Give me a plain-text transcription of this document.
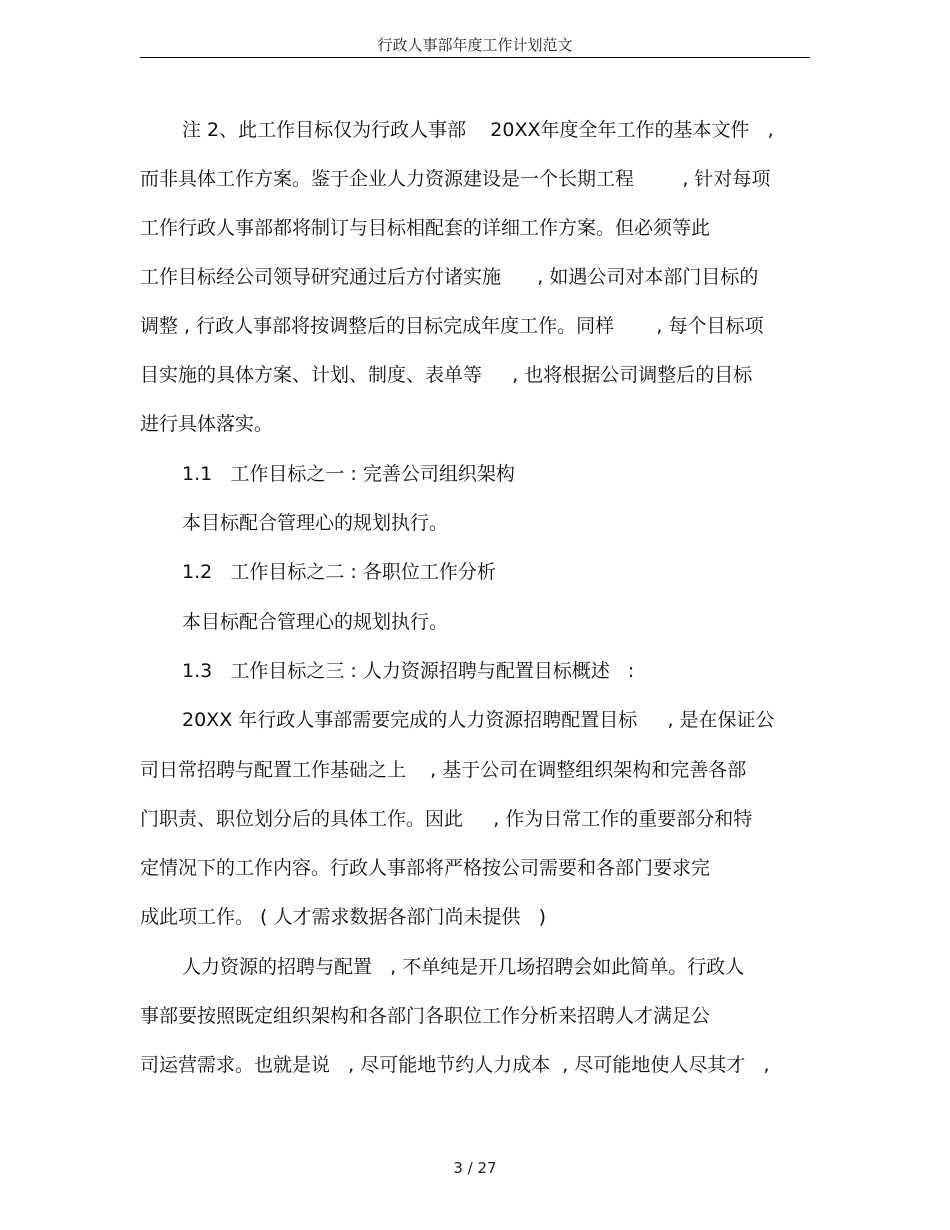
行政人事部年度工作计划范文
注 2、此工作目标仅为行政人事部    20XX年度全年工作的基本文件   ,
而非具体工作方案。鉴于企业人力资源建设是一个长期工程        , 针对每项
工作行政人事部都将制订与目标相配套的详细工作方案。但必须等此
工作目标经公司领导研究通过后方付诸实施      , 如遇公司对本部门目标的
调整 , 行政人事部将按调整后的目标完成年度工作。同样       , 每个目标项
目实施的具体方案、计划、制度、表单等     , 也将根据公司调整后的目标
进行具体落实。
1.1   工作目标之一 : 完善公司组织架构
本目标配合管理心的规划执行。
1.2   工作目标之二 : 各职位工作分析
本目标配合管理心的规划执行。
1.3   工作目标之三 : 人力资源招聘与配置目标概述   :
20XX 年行政人事部需要完成的人力资源招聘配置目标     , 是在保证公
司日常招聘与配置工作基础之上    , 基于公司在调整组织架构和完善各部
门职责、职位划分后的具体工作。因此     , 作为日常工作的重要部分和特
定情况下的工作内容。行政人事部将严格按公司需要和各部门要求完
成此项工作。 ( 人才需求数据各部门尚未提供   )
人力资源的招聘与配置   , 不单纯是开几场招聘会如此简单。行政人
事部要按照既定组织架构和各部门各职位工作分析来招聘人才满足公
司运营需求。也就是说   , 尽可能地节约人力成本  , 尽可能地使人尽其才   ,
3 / 27
